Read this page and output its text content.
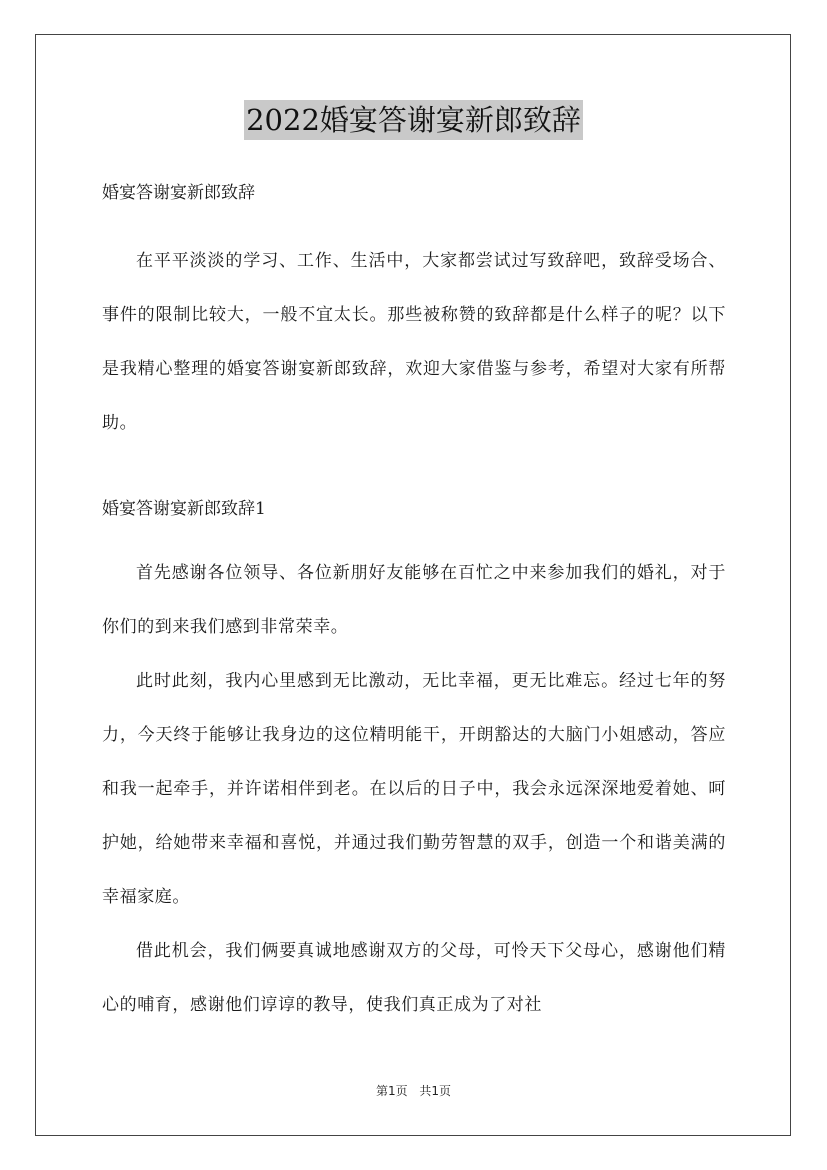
2022婚宴答谢宴新郎致辞

婚宴答谢宴新郎致辞

在平平淡淡的学习、工作、生活中，大家都尝试过写致辞吧，致辞受场合、事件的限制比较大，一般不宜太长。那些被称赞的致辞都是什么样子的呢？以下是我精心整理的婚宴答谢宴新郎致辞，欢迎大家借鉴与参考，希望对大家有所帮助。

婚宴答谢宴新郎致辞1

首先感谢各位领导、各位新朋好友能够在百忙之中来参加我们的婚礼，对于你们的到来我们感到非常荣幸。

此时此刻，我内心里感到无比激动，无比幸福，更无比难忘。经过七年的努力，今天终于能够让我身边的这位精明能干，开朗豁达的大脑门小姐感动，答应和我一起牵手，并许诺相伴到老。在以后的日子中，我会永远深深地爱着她、呵护她，给她带来幸福和喜悦，并通过我们勤劳智慧的双手，创造一个和谐美满的幸福家庭。

借此机会，我们俩要真诚地感谢双方的父母，可怜天下父母心，感谢他们精心的哺育，感谢他们谆谆的教导，使我们真正成为了对社

第1页 共1页
